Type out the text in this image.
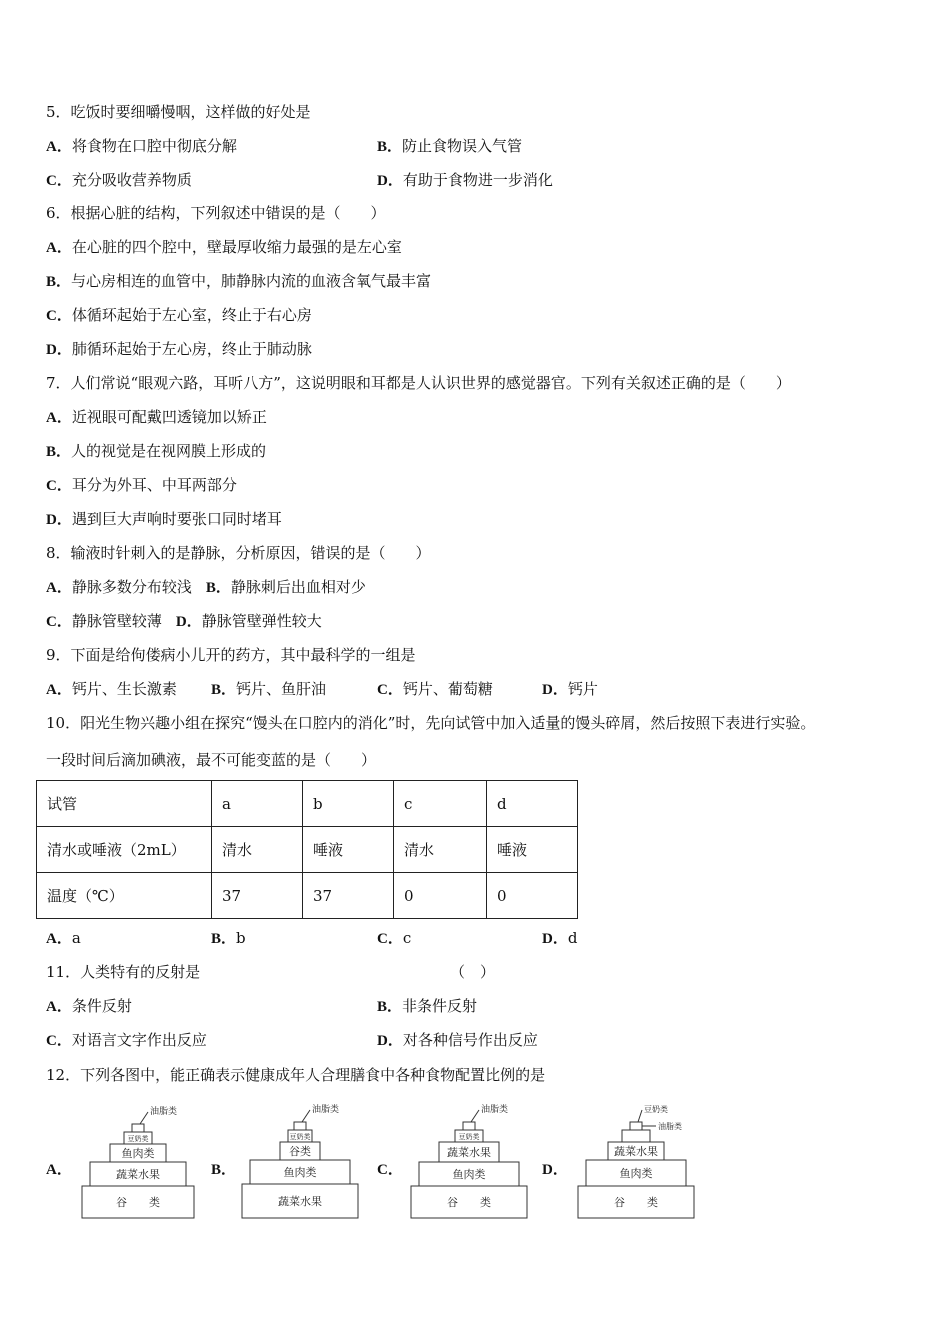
5．吃饭时要细嚼慢咽，这样做的好处是
A．将食物在口腔中彻底分解	B．防止食物误入气管
C．充分吸收营养物质	D．有助于食物进一步消化
6．根据心脏的结构，下列叙述中错误的是（　　）
A．在心脏的四个腔中，壁最厚收缩力最强的是左心室
B．与心房相连的血管中，肺静脉内流的血液含氧气最丰富
C．体循环起始于左心室，终止于右心房
D．肺循环起始于左心房，终止于肺动脉
7．人们常说“眼观六路，耳听八方”，这说明眼和耳都是人认识世界的感觉器官。下列有关叙述正确的是（　　）
A．近视眼可配戴凹透镜加以矫正
B．人的视觉是在视网膜上形成的
C．耳分为外耳、中耳两部分
D．遇到巨大声响时要张口同时堵耳
8．输液时针刺入的是静脉，分析原因，错误的是（　　）
A．静脉多数分布较浅 B．静脉刺后出血相对少
C．静脉管壁较薄 D．静脉管壁弹性较大
9．下面是给佝偻病小儿开的药方，其中最科学的一组是
A．钙片、生长激素 B．钙片、鱼肝油	C．钙片、葡萄糖	D．钙片
10．阳光生物兴趣小组在探究“馒头在口腔内的消化”时，先向试管中加入适量的馒头碎屑，然后按照下表进行实验。
一段时间后滴加碘液，最不可能变蓝的是（　　）
试管	a	b	c	d
清水或唾液（2mL）	清水	唾液	清水	唾液
温度（℃）	37	37	0	0
A．a	B．b	C．c	D．d
11．人类特有的反射是	（　）
A．条件反射	B．非条件反射
C．对语言文字作出反应	D．对各种信号作出反应
12．下列各图中，能正确表示健康成年人合理膳食中各种食物配置比例的是
A．	B．	C．	D．
油脂类
豆奶类
鱼肉类
蔬菜水果
谷　　类
油脂类
豆奶类
谷类
鱼肉类
蔬菜水果
油脂类
豆奶类
蔬菜水果
鱼肉类
谷　　类
豆奶类
油脂类
蔬菜水果
鱼肉类
谷　　类
